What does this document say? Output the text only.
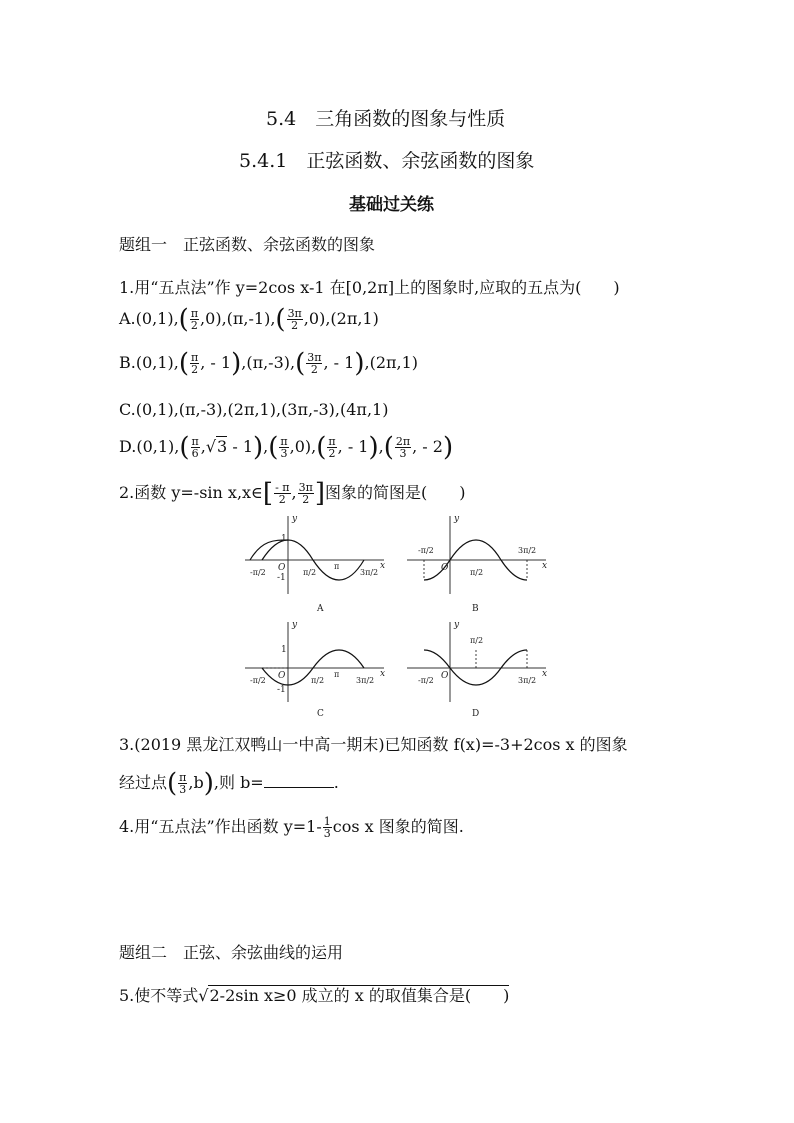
5.4　三角函数的图象与性质
5.4.1　正弦函数、余弦函数的图象
基础过关练
题组一　正弦函数、余弦函数的图象
1.用“五点法”作 y=2cos x-1 在[0,2π]上的图象时,应取的五点为(　　)
$A.(0,1),( \frac{\pi}{2} ,0),(\pi,-1),( \frac{3\pi}{2} ,0),(2\pi,1)$
$B.(0,1),( \frac{\pi}{2}$ , - $1),(\pi,-3),( \frac{3\pi}{2}$ , - 1),(2π,1)
C.(0,1),(π,-3),(2π,1),(3π,-3),(4π,1)
$D.(0,1),( \frac{\pi}{6} ,√3 - 1),( \frac{\pi}{3} ,0),( \frac{\pi}{2}$ , - $1),( \frac{2\pi}{3}$ , - 2)
2.函数 y=-sin x,x∈[ $\frac{- \pi}{2}$ , $\frac{3\pi}{2}$ ]图象的简图是(　　)
y
x
O
1
-1
-π/2	π/2
π
3π/2
A
y
x
O
-π/2
π/2
3π/2
B
y
x
O
1
-1
-π/2	π/2
π
3π/2
C
y
x
O
π/2
-π/2	3π/2
D
3.(2019 黑龙江双鸭山一中高一期末)已知函数 f(x)=-3+2cos x 的图象
经过点( $\frac{\pi}{3} ,b$),则 b=	.
4.用“五点法”作出函数 $y=1- \frac{1}{3}$ cos x 图象的简图.
题组二　正弦、余弦曲线的运用
5.使不等式√2-2sin x≥0 成立的 x 的取值集合是(　　)
